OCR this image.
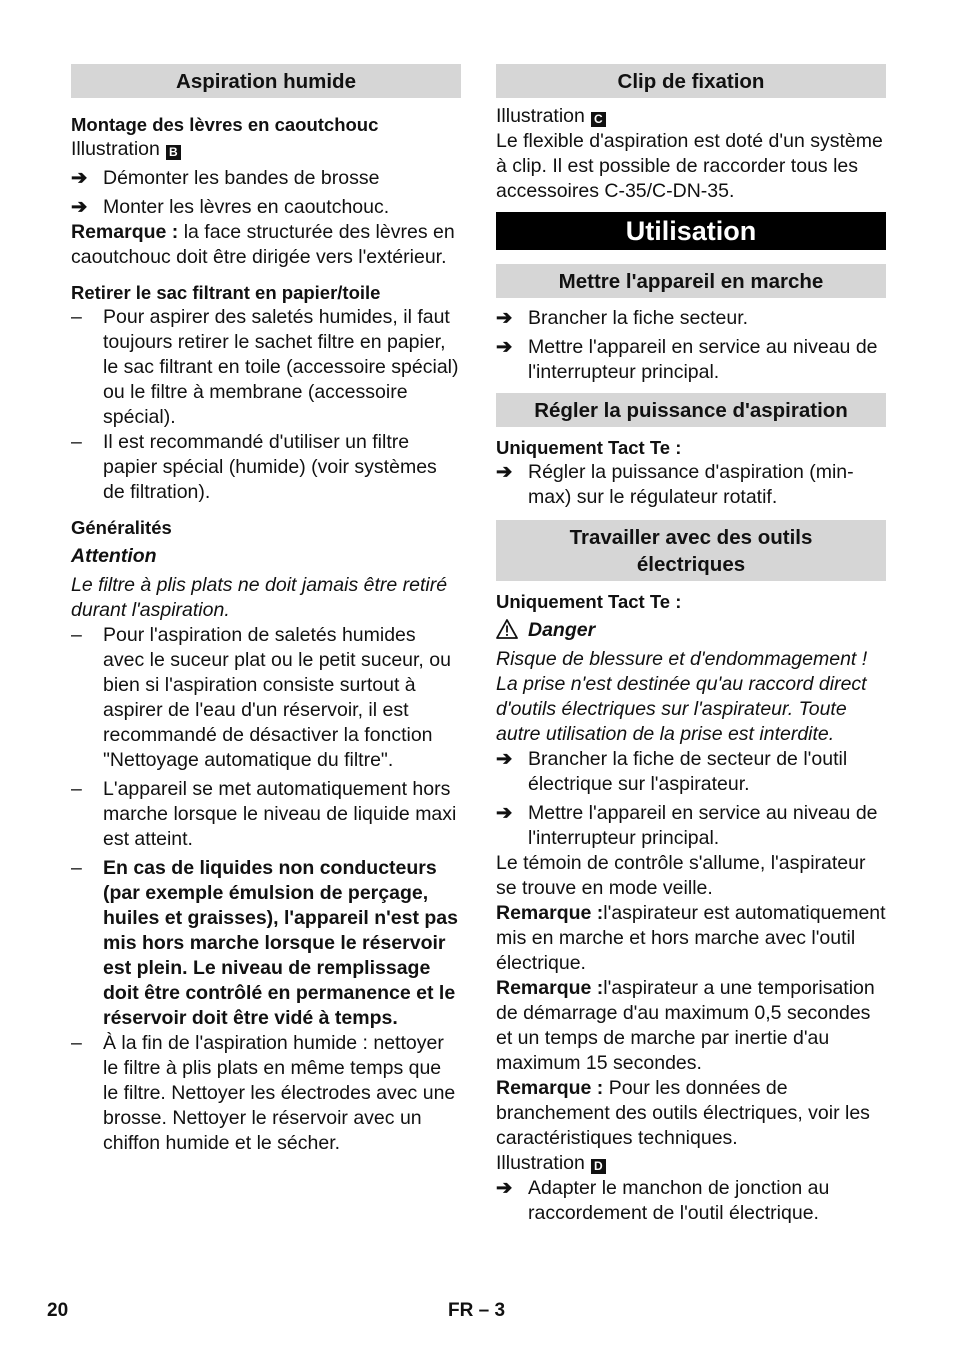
Aspiration humide
Montage des lèvres en caoutchouc
Illustration B
➔ Démonter les bandes de brosse
➔ Monter les lèvres en caoutchouc.

Remarque : la face structurée des lèvres en caoutchouc doit être dirigée vers l'extérieur.

Retirer le sac filtrant en papier/toile
–	Pour aspirer des saletés humides, il faut toujours retirer le sachet filtre en papier, le sac filtrant en toile (accessoire spécial) ou le filtre à membrane (accessoire spécial).
–	Il est recommandé d'utiliser un filtre papier spécial (humide) (voir systèmes de filtration).
Généralités
Attention

Le filtre à plis plats ne doit jamais être retiré durant l'aspiration.

–	Pour l'aspiration de saletés humides avec le suceur plat ou le petit suceur, ou bien si l'aspiration consiste surtout à aspirer de l'eau d'un réservoir, il est recommandé de désactiver la fonction "Nettoyage automatique du filtre".
–	L'appareil se met automatiquement hors marche lorsque le niveau de liquide maxi est atteint.
–	En cas de liquides non conducteurs (par exemple émulsion de perçage, huiles et graisses), l'appareil n'est pas mis hors marche lorsque le réservoir est plein. Le niveau de remplissage doit être contrôlé en permanence et le réservoir doit être vidé à temps.
–	À la fin de l'aspiration humide : nettoyer le filtre à plis plats en même temps que le filtre. Nettoyer les électrodes avec une brosse. Nettoyer le réservoir avec un chiffon humide et le sécher.
Clip de fixation
Illustration C

Le flexible d'aspiration est doté d'un système à clip. Il est possible de raccorder tous les accessoires C-35/C-DN-35.

Utilisation
Mettre l'appareil en marche
➔ Brancher la fiche secteur.
➔ Mettre l'appareil en service au niveau de l'interrupteur principal.
Régler la puissance d'aspiration
Uniquement Tact Te :
➔ Régler la puissance d'aspiration (min-max) sur le régulateur rotatif.
Travailler avec des outils
électriques
Uniquement Tact Te :
Danger

Risque de blessure et d'endommagement ! La prise n'est destinée qu'au raccord direct d'outils électriques sur l'aspirateur. Toute autre utilisation de la prise est interdite.

➔ Brancher la fiche de secteur de l'outil électrique sur l'aspirateur.
➔ Mettre l'appareil en service au niveau de l'interrupteur principal.

Le témoin de contrôle s'allume, l'aspirateur se trouve en mode veille.

Remarque :l'aspirateur est automatiquement mis en marche et hors marche avec l'outil électrique.

Remarque :l'aspirateur a une temporisation de démarrage d'au maximum 0,5 secondes et un temps de marche par inertie d'au maximum 15 secondes.

Remarque : Pour les données de branchement des outils électriques, voir les caractéristiques techniques.

Illustration D
➔ Adapter le manchon de jonction au raccordement de l'outil électrique.
20	FR – 3
